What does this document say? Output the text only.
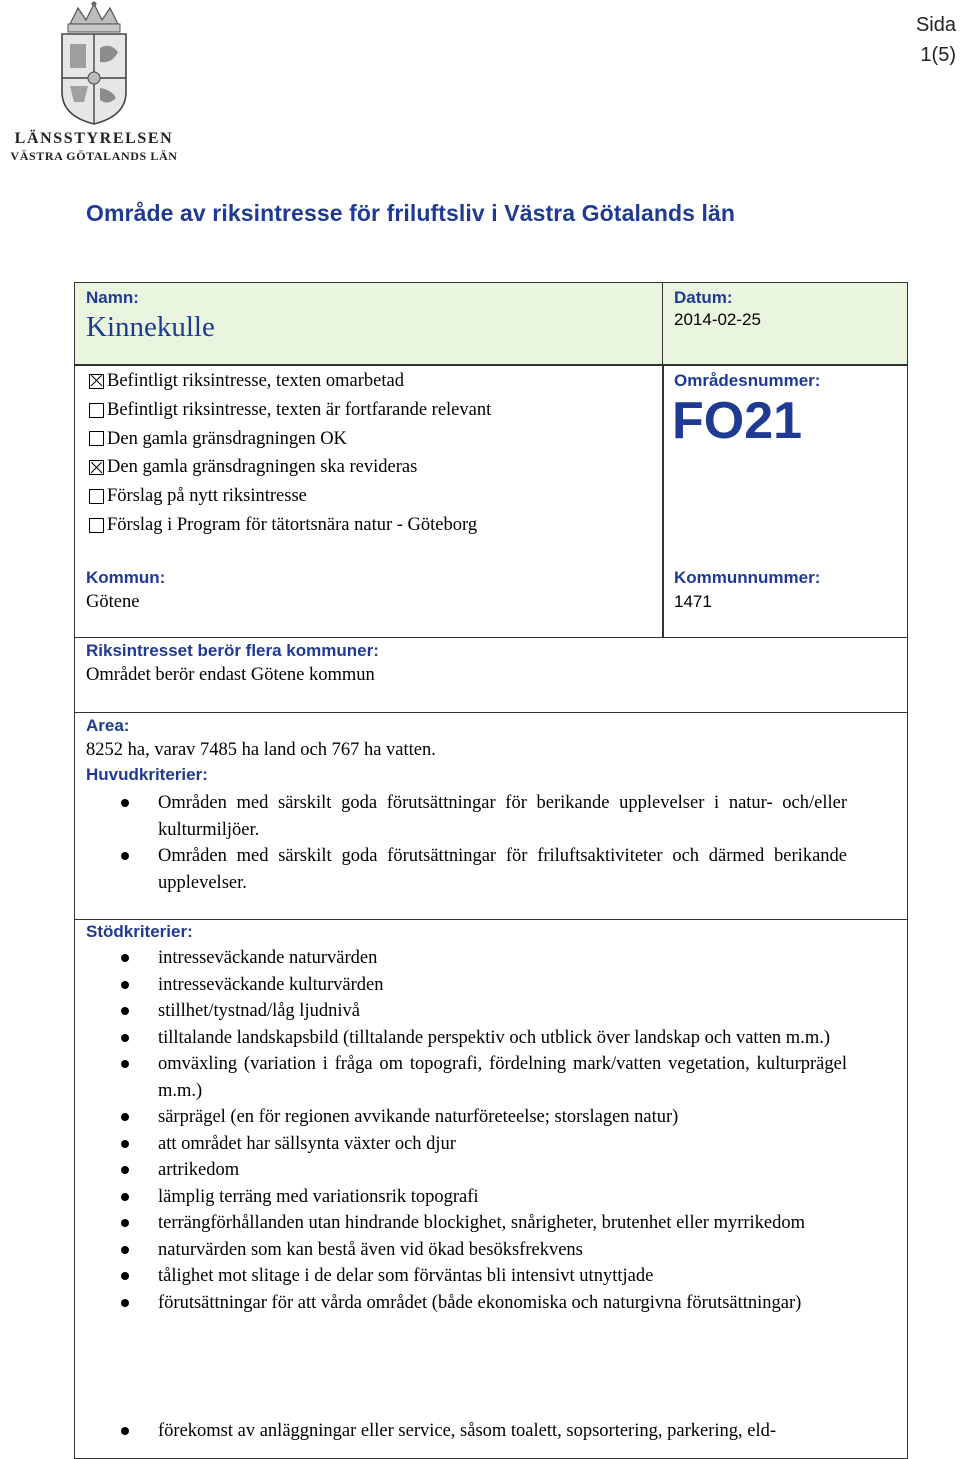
LÄNSSTYRELSEN
VÄSTRA GÖTALANDS LÄN
Sida
1(5)
Område av riksintresse för friluftsliv i Västra Götalands län
Namn:
Kinnekulle
Datum:
2014-02-25
Befintligt riksintresse, texten omarbetad
Befintligt riksintresse, texten är fortfarande relevant
Den gamla gränsdragningen OK
Den gamla gränsdragningen ska revideras
Förslag på nytt riksintresse
Förslag i Program för tätortsnära natur - Göteborg
Kommun:
Götene
Områdesnummer:
FO21
Kommunnummer:
1471
Riksintresset berör flera kommuner:
Området berör endast Götene kommun
Area:
8252 ha, varav 7485 ha land och 767 ha vatten.
Huvudkriterier:
Områden med särskilt goda förutsättningar för berikande upplevelser i natur- och/eller kulturmiljöer.
Områden med särskilt goda förutsättningar för friluftsaktiviteter och därmed berikande upplevelser.
Stödkriterier:
intresseväckande naturvärden
intresseväckande kulturvärden
stillhet/tystnad/låg ljudnivå
tilltalande landskapsbild (tilltalande perspektiv och utblick över landskap och vatten m.m.)
omväxling (variation i fråga om topografi, fördelning mark/vatten vegetation, kulturprägel m.m.)
särprägel (en för regionen avvikande naturföreteelse; storslagen natur)
att området har sällsynta växter och djur
artrikedom
lämplig terräng med variationsrik topografi
terrängförhållanden utan hindrande blockighet, snårigheter, brutenhet eller myrrikedom
naturvärden som kan bestå även vid ökad besöksfrekvens
tålighet mot slitage i de delar som förväntas bli intensivt utnyttjade
förutsättningar för att vårda området (både ekonomiska och naturgivna förutsättningar)
förekomst av anläggningar eller service, såsom toalett, sopsortering, parkering, eld-
